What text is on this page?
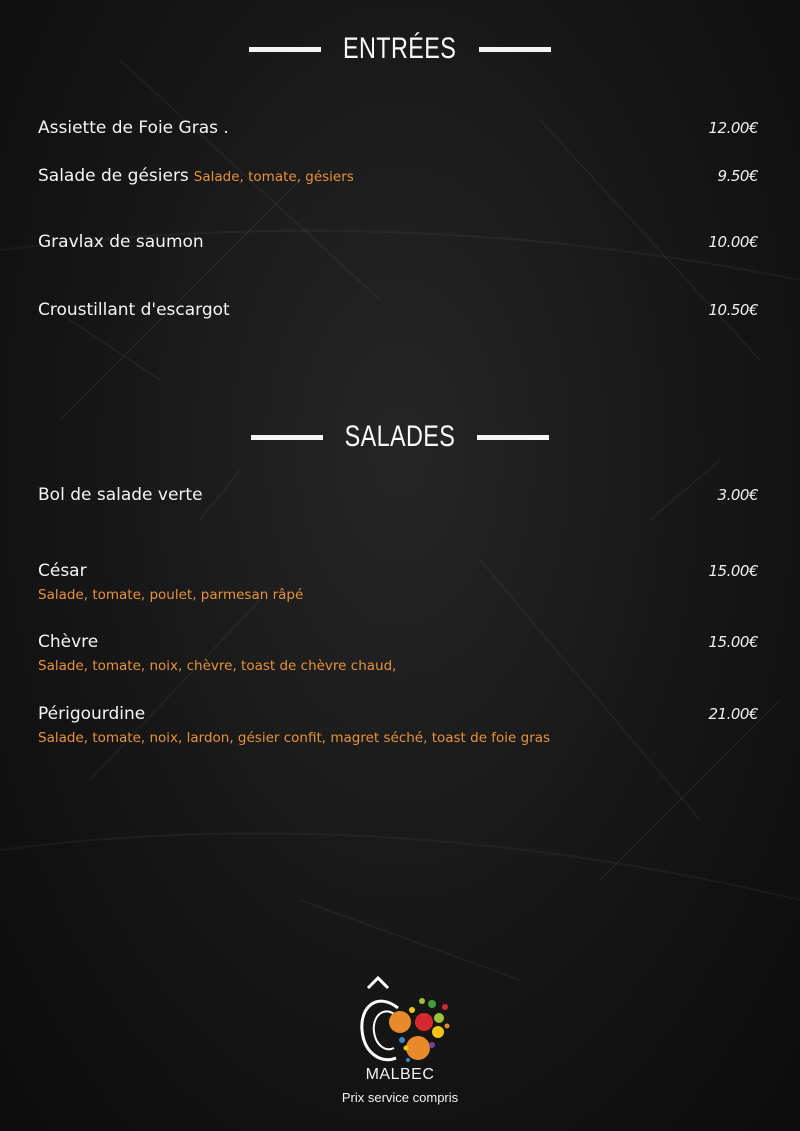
ENTRÉES
Assiette de Foie Gras .	12.00€
Salade de gésiers Salade, tomate, gésiers	9.50€
Gravlax de saumon	10.00€
Croustillant d'escargot	10.50€
SALADES
Bol de salade verte	3.00€
César	15.00€
Salade, tomate, poulet, parmesan râpé
Chèvre	15.00€
Salade, tomate, noix, chèvre, toast de chèvre chaud,
Périgourdine	21.00€
Salade, tomate, noix, lardon, gésier confit, magret séché, toast de foie gras
MALBEC
Prix service compris
